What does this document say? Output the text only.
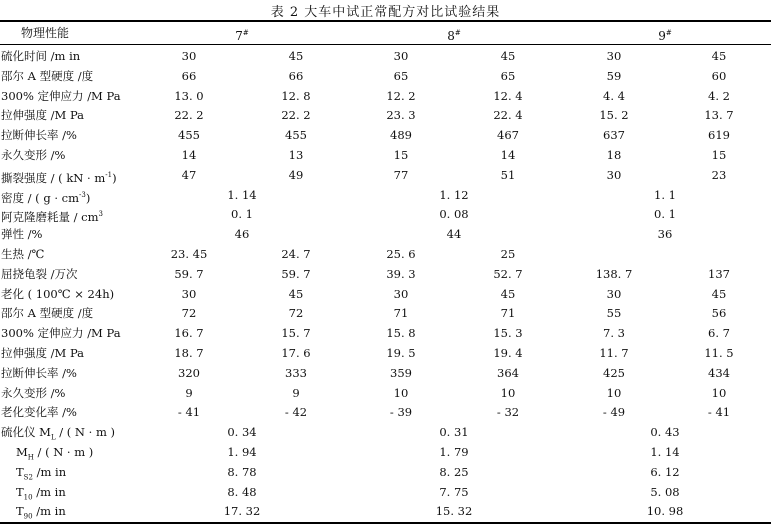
表 2 大车中试正常配方对比试验结果
物理性能	7#	8#	9#
硫化时间 /m in	30	45	30	45	30	45
邵尔 A 型硬度 /度	66	66	65	65	59	60
300% 定伸应力 /M Pa	13. 0	12. 8	12. 2	12. 4	4. 4	4. 2
拉伸强度 /M Pa	22. 2	22. 2	23. 3	22. 4	15. 2	13. 7
拉断伸长率 /%	455	455	489	467	637	619
永久变形 /%	14	13	15	14	18	15
撕裂强度 / ( kN · $m^{-1}$)	47	49	77	51	30	23
密度 / ( $g \cdot cm^{-3}$)	1. 14	1. 12	1. 1
阿克隆磨耗量 / $cm^3$	0. 1	0. 08	0. 1
弹性 /%	46	44	36
生热 /℃	23. 45	24. 7	25. 6	25
屈挠龟裂 /万次	59. 7	59. 7	39. 3	52. 7	138. 7	137
老化 ( 100℃ × 24h)	30	45	30	45	30	45
邵尔 A 型硬度 /度	72	72	71	71	55	56
300% 定伸应力 /M Pa	16. 7	15. 7	15. 8	15. 3	7. 3	6. 7
拉伸强度 /M Pa	18. 7	17. 6	19. 5	19. 4	11. 7	11. 5
拉断伸长率 /%	320	333	359	364	425	434
永久变形 /%	9	9	10	10	10	10
老化变化率 /%	- 41	- 42	- 39	- 32	- 49	- 41
硫化仪 $M_L$ / ( N · m )	0. 34	0. 31	0. 43
$M_H$ / ( N · m )	1. 94	1. 79	1. 14
$T_{S2}$ /m in	8. 78	8. 25	6. 12
$T_{10}$ /m in	8. 48	7. 75	5. 08
$T_{90}$ /m in	17. 32	15. 32	10. 98
